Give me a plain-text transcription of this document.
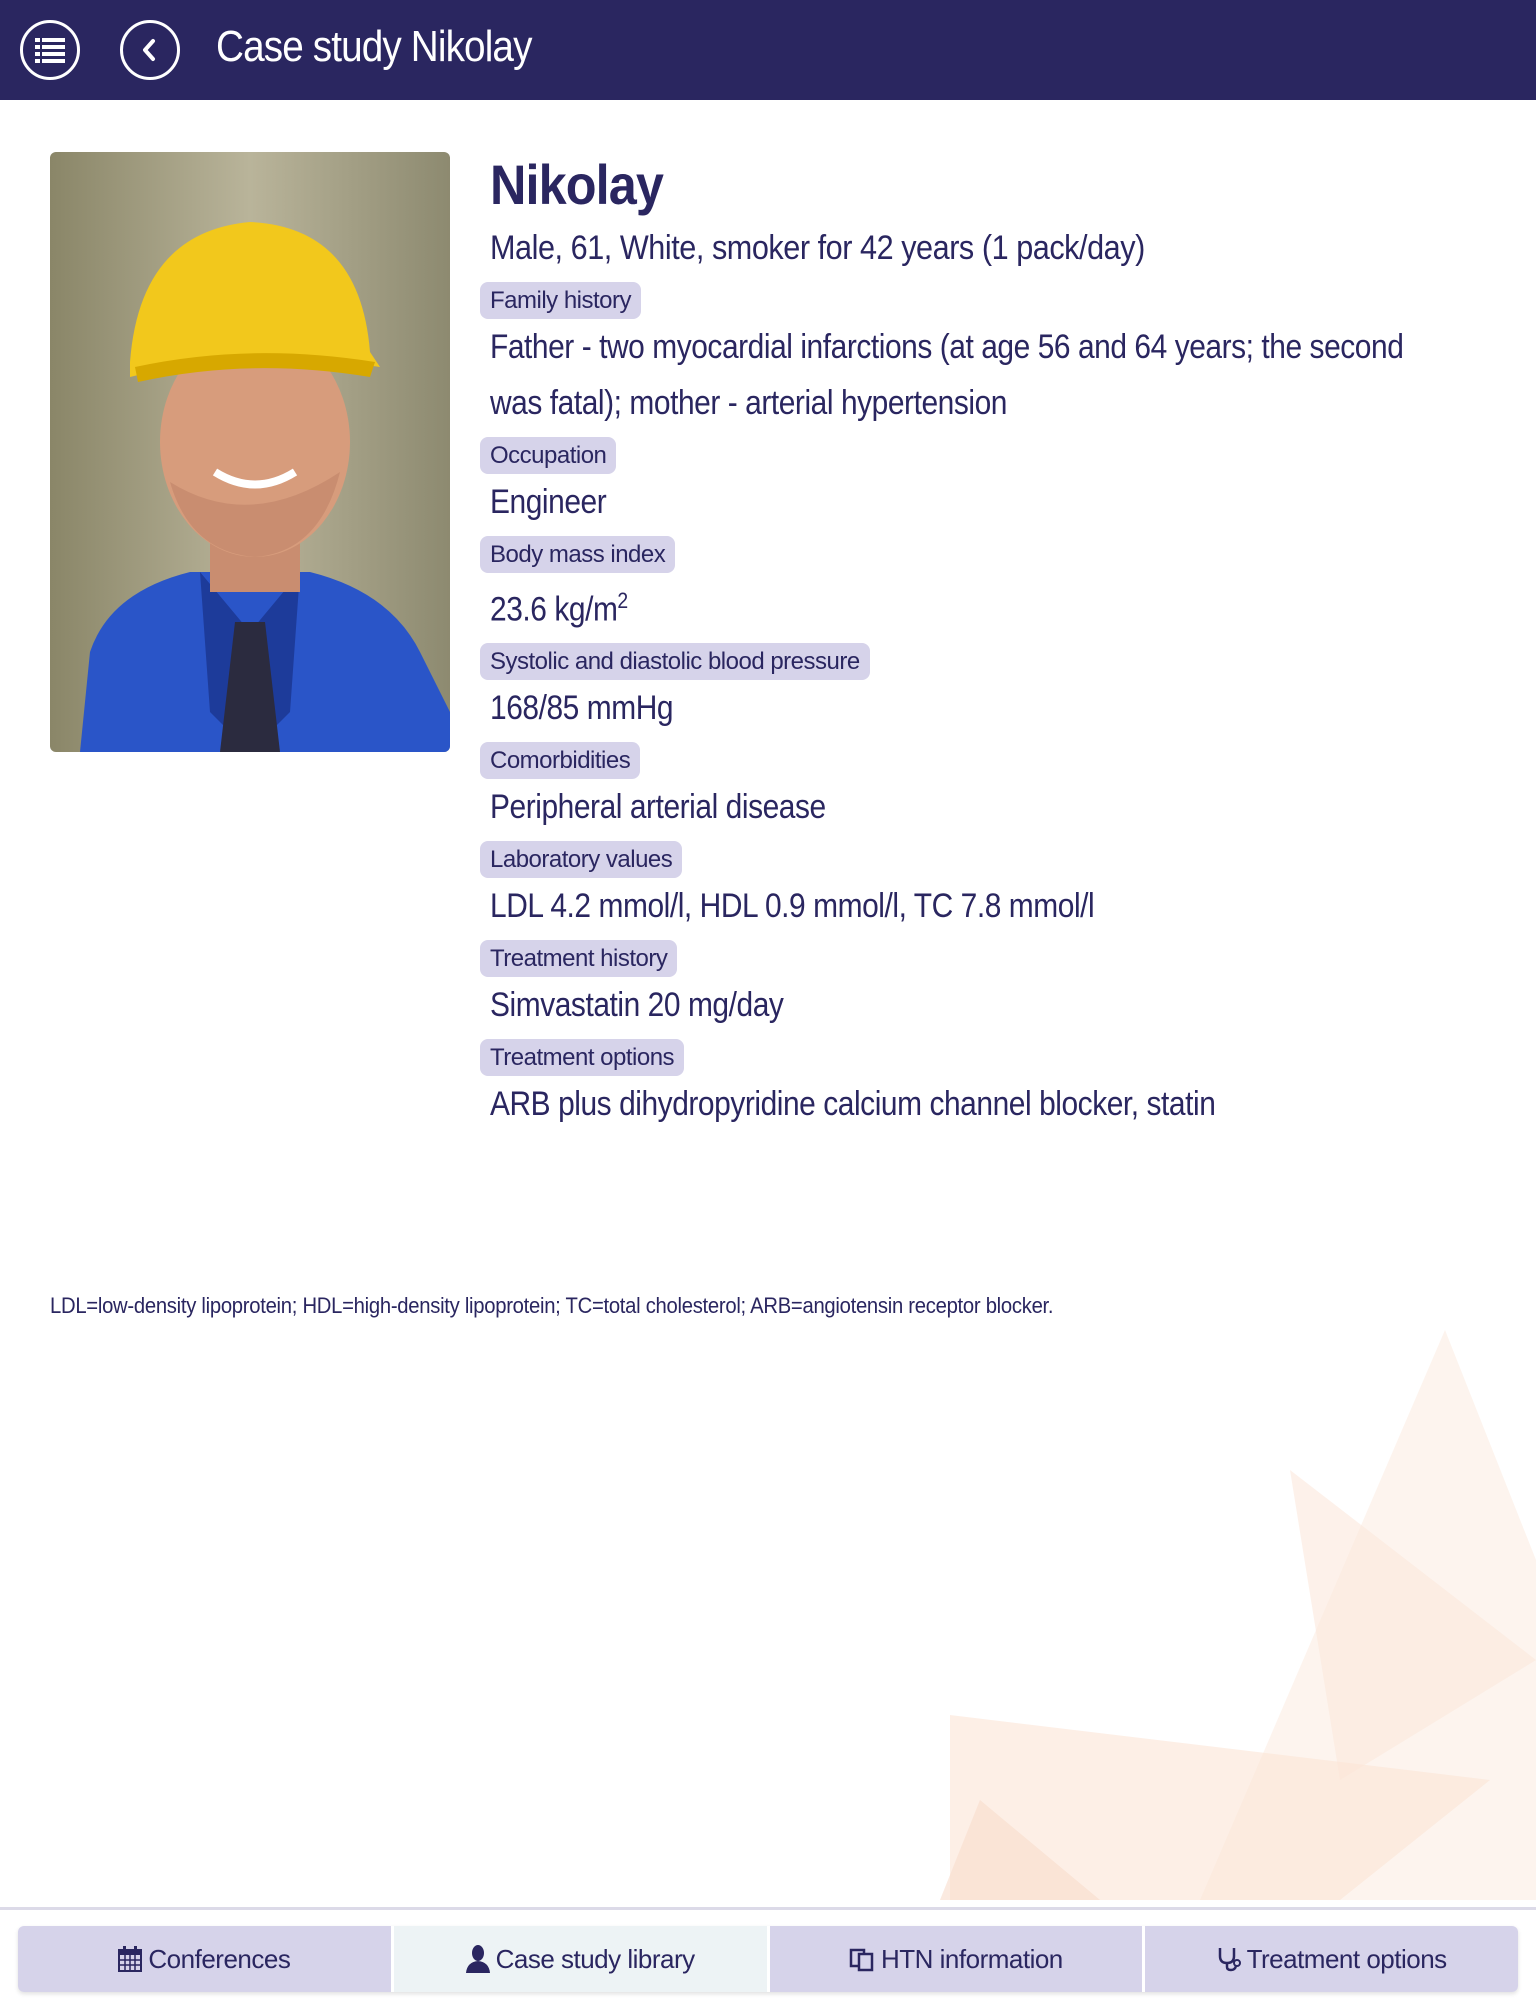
Case study Nikolay
Nikolay
Male, 61, White, smoker for 42 years (1 pack/day)
Family history
Father - two myocardial infarctions (at age 56 and 64 years; the second was fatal); mother - arterial hypertension
Occupation
Engineer
Body mass index
23.6 $kg/m^2$
Systolic and diastolic blood pressure
168/85 mmHg
Comorbidities
Peripheral arterial disease
Laboratory values
LDL 4.2 mmol/l, HDL 0.9 mmol/l, TC 7.8 mmol/l
Treatment history
Simvastatin 20 mg/day
Treatment options
ARB plus dihydropyridine calcium channel blocker, statin
LDL=low-density lipoprotein; HDL=high-density lipoprotein; TC=total cholesterol; ARB=angiotensin receptor blocker.
Conferences	Case study library	HTN information	Treatment options
